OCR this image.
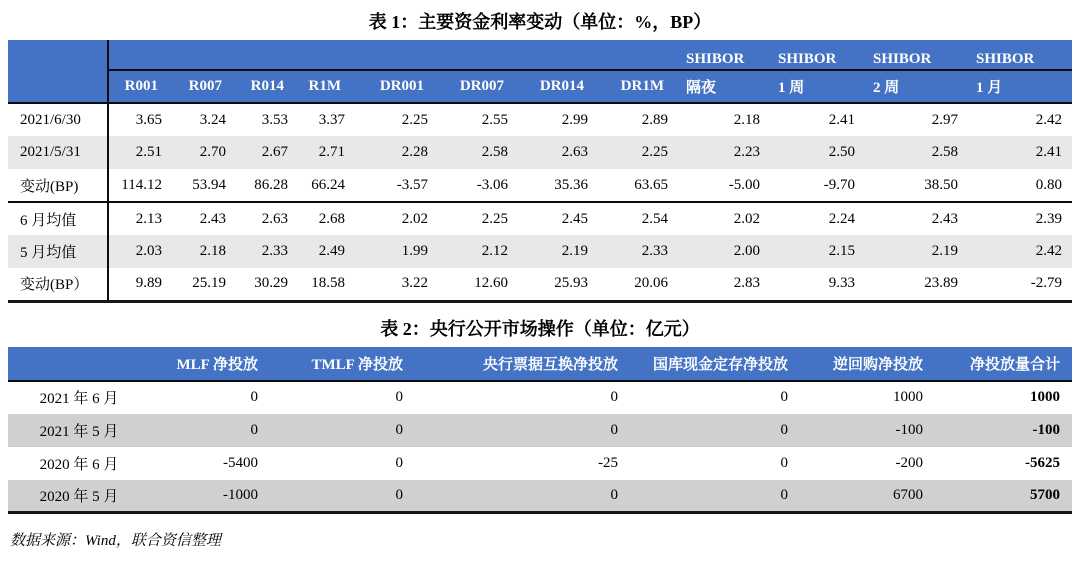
表 1：主要资金利率变动（单位：%，BP）
									SHIBOR	SHIBOR	SHIBOR	SHIBOR
	R001	R007	R014	R1M	DR001	DR007	DR014	DR1M	隔夜	1 周	2 周	1 月
2021/6/30	3.65	3.24	3.53	3.37	2.25	2.55	2.99	2.89	2.18	2.41	2.97	2.42
2021/5/31	2.51	2.70	2.67	2.71	2.28	2.58	2.63	2.25	2.23	2.50	2.58	2.41
变动(BP)	114.12	53.94	86.28	66.24	-3.57	-3.06	35.36	63.65	-5.00	-9.70	38.50	0.80
6 月均值	2.13	2.43	2.63	2.68	2.02	2.25	2.45	2.54	2.02	2.24	2.43	2.39
5 月均值	2.03	2.18	2.33	2.49	1.99	2.12	2.19	2.33	2.00	2.15	2.19	2.42
变动(BP）	9.89	25.19	30.29	18.58	3.22	12.60	25.93	20.06	2.83	9.33	23.89	-2.79
表 2：央行公开市场操作（单位：亿元）
	MLF 净投放	TMLF 净投放	央行票据互换净投放	国库现金定存净投放	逆回购净投放	净投放量合计
2021 年 6 月	0	0	0	0	1000	1000
2021 年 5 月	0	0	0	0	-100	-100
2020 年 6 月	-5400	0	-25	0	-200	-5625
2020 年 5 月	-1000	0	0	0	6700	5700
数据来源：Wind，联合资信整理
